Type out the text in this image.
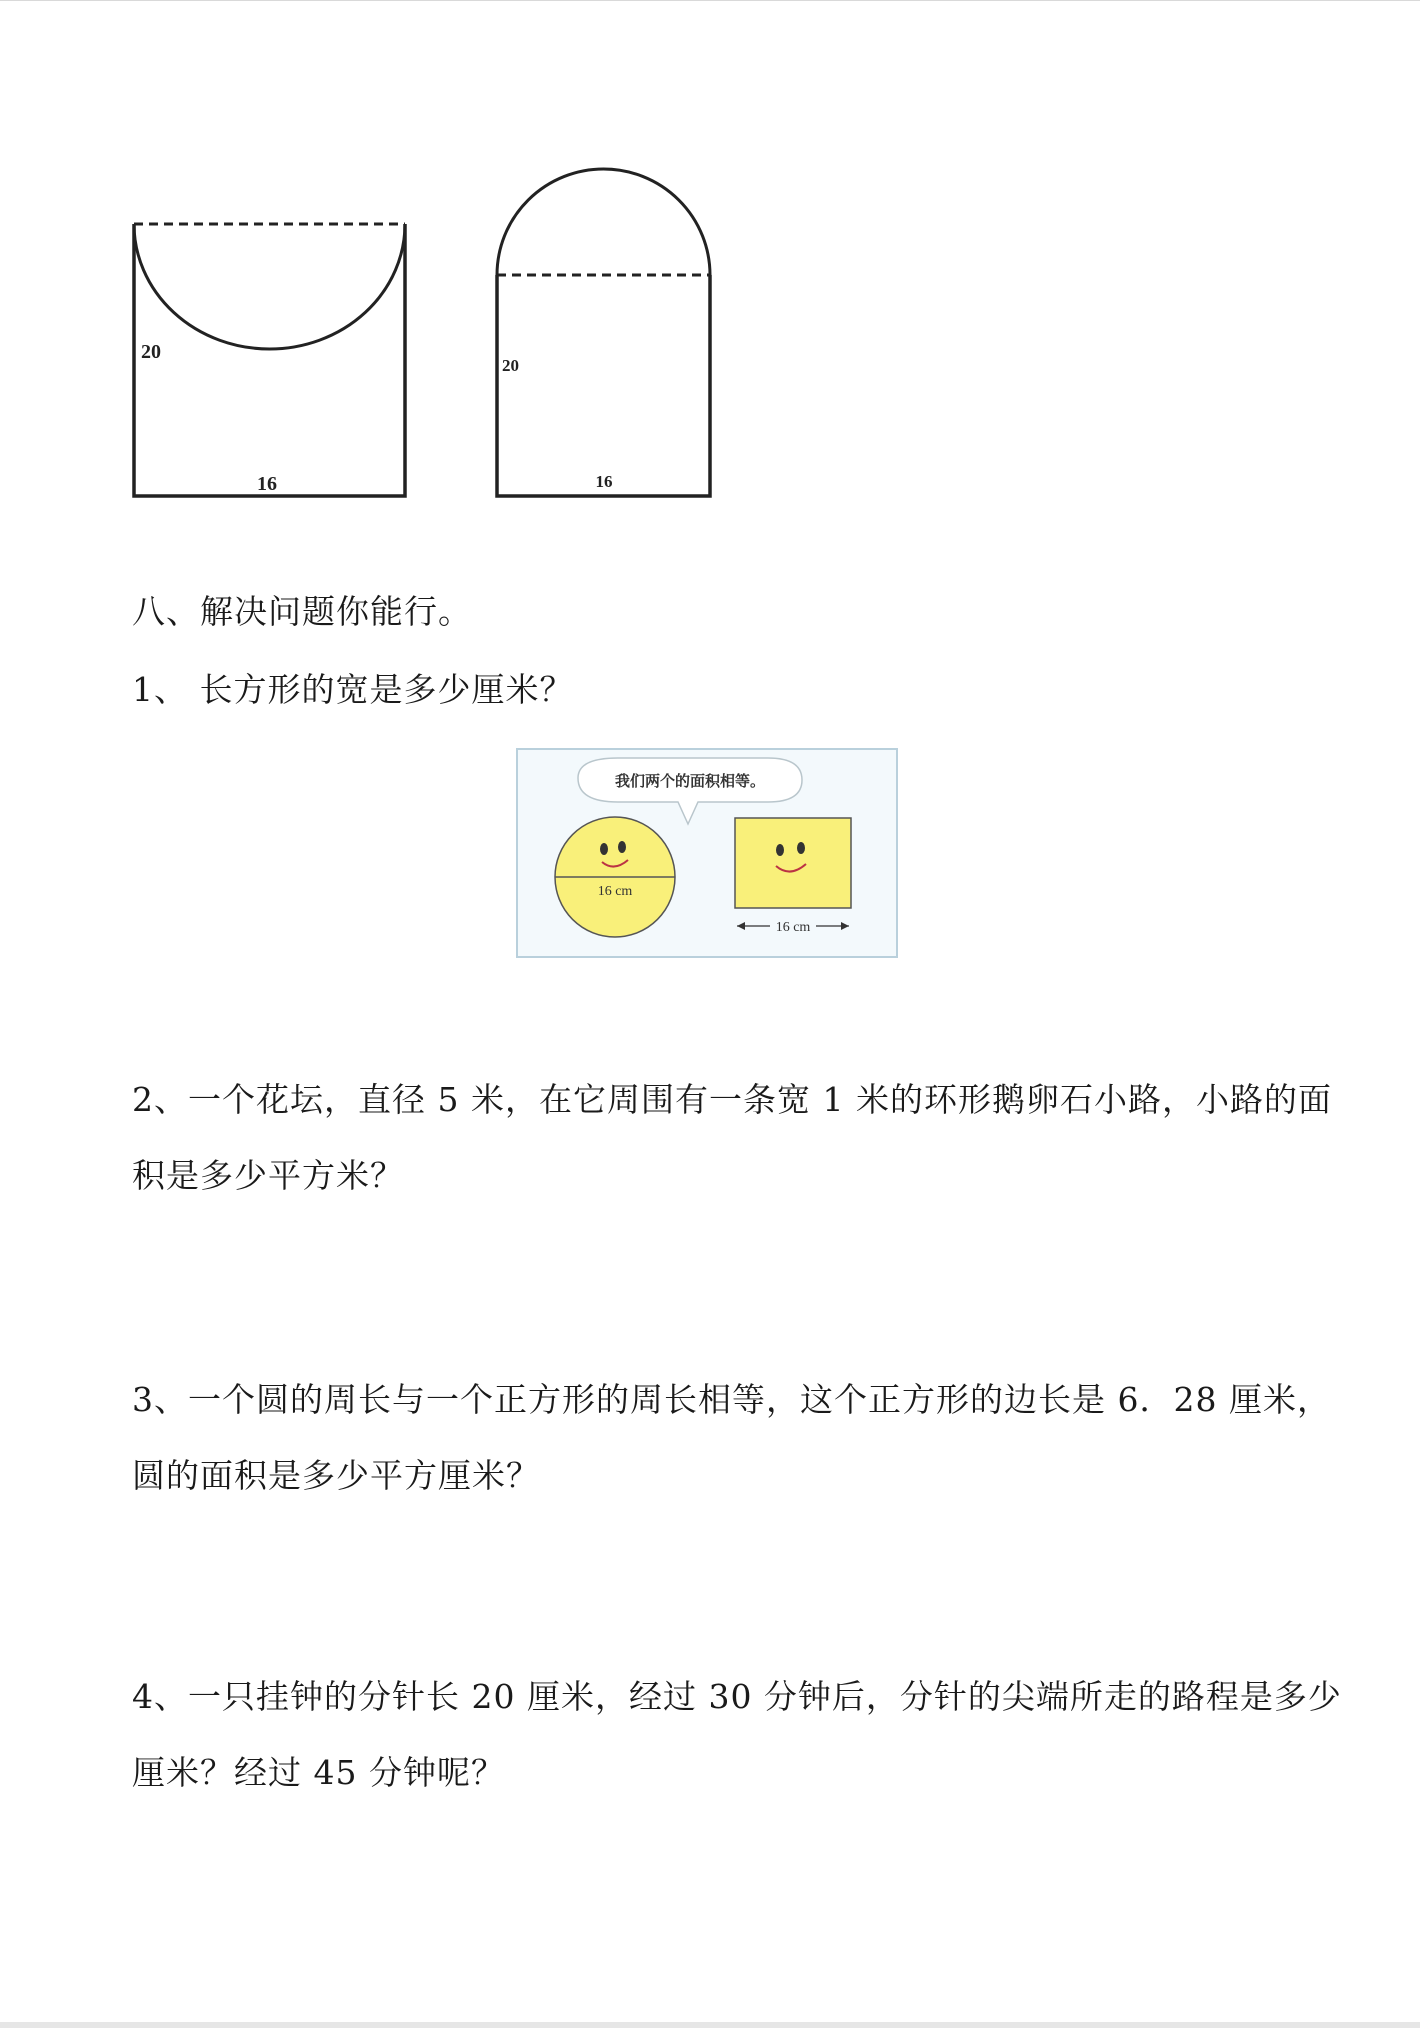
20
16
20
16
八、解决问题你能行。
1、 长方形的宽是多少厘米？
我们两个的面积相等。
16 cm
16 cm
2、一个花坛，直径 5 米，在它周围有一条宽 1 米的环形鹅卵石小路，小路的面
积是多少平方米？
3、一个圆的周长与一个正方形的周长相等，这个正方形的边长是 6．28 厘米，
圆的面积是多少平方厘米？
4、一只挂钟的分针长 20 厘米，经过 30 分钟后，分针的尖端所走的路程是多少
厘米？经过 45 分钟呢？
